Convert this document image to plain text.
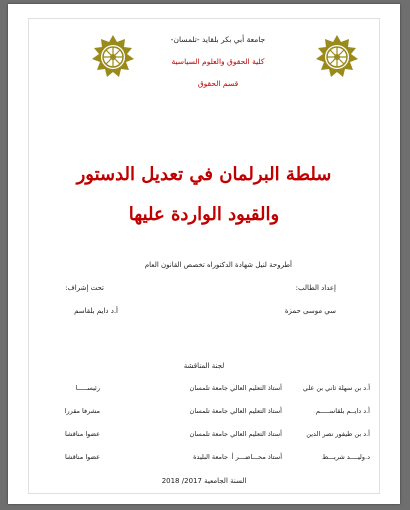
جامعة أبي بكر بلقايد -تلمسان-
كلية الحقوق والعلوم السياسية
قسم الحقوق
سلطة البرلمان في تعديل الدستور
والقيود الواردة عليها
أطروحة لنيل شهادة الدكتوراه تخصص القانون العام
إعداد الطالب:
سي موسى حمزة
تحت إشراف:
أ.د دايم بلقاسم
لجنة المناقشة
أ.د بن سهلة ثاني بن علي
أستاذ التعليم العالي
جامعة تلمسان
رئيســـــا
أ.د دايــم بلقاســـــم
أستاذ التعليم العالي
جامعة تلمسان
مشرفا مقررا
أ.د بن طيفور نصر الدين
أستاذ التعليم العالي
جامعة تلمسان
عضوا مناقشا
د.وليــــد شريـــط
أستاذ محـــاضـــر أ
جامعة البليدة
عضوا مناقشا
السنة الجامعية 2017/ 2018
